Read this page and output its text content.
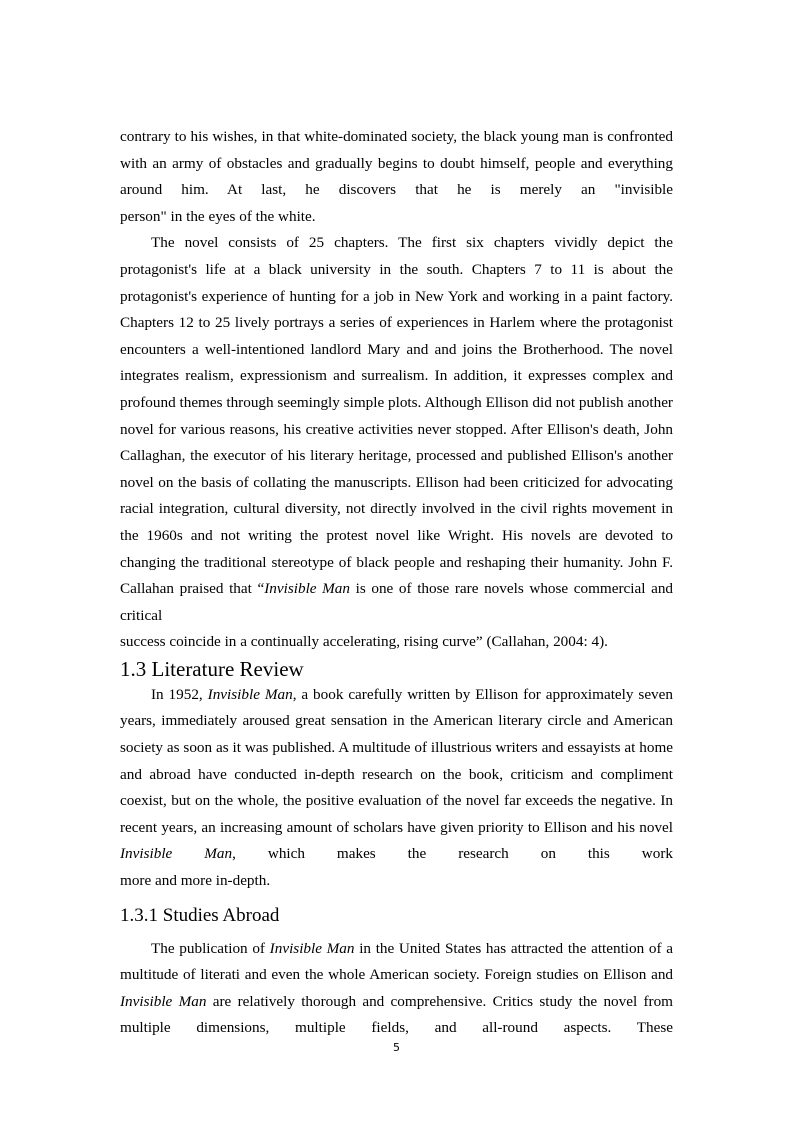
contrary to his wishes, in that white-dominated society, the black young man is confronted with an army of obstacles and gradually begins to doubt himself, people and everything around him. At last, he discovers that he is merely an "invisible

person" in the eyes of the white.

The novel consists of 25 chapters. The first six chapters vividly depict the protagonist's life at a black university in the south. Chapters 7 to 11 is about the protagonist's experience of hunting for a job in New York and working in a paint factory. Chapters 12 to 25 lively portrays a series of experiences in Harlem where the protagonist encounters a well-intentioned landlord Mary and and joins the Brotherhood. The novel integrates realism, expressionism and surrealism. In addition, it expresses complex and profound themes through seemingly simple plots. Although Ellison did not publish another novel for various reasons, his creative activities never stopped. After Ellison's death, John Callaghan, the executor of his literary heritage, processed and published Ellison's another novel on the basis of collating the manuscripts. Ellison had been criticized for advocating racial integration, cultural diversity, not directly involved in the civil rights movement in the 1960s and not writing the protest novel like Wright. His novels are devoted to changing the traditional stereotype of black people and reshaping their humanity. John F. Callahan praised that “Invisible Man is one of those rare novels whose commercial and critical

success coincide in a continually accelerating, rising curve” (Callahan, 2004: 4).

1.3 Literature Review

In 1952, Invisible Man, a book carefully written by Ellison for approximately seven years, immediately aroused great sensation in the American literary circle and American society as soon as it was published. A multitude of illustrious writers and essayists at home and abroad have conducted in-depth research on the book, criticism and compliment coexist, but on the whole, the positive evaluation of the novel far exceeds the negative. In recent years, an increasing amount of scholars have given priority to Ellison and his novel Invisible Man, which makes the research on this work

more and more in-depth.

1.3.1 Studies Abroad

The publication of Invisible Man in the United States has attracted the attention of a multitude of literati and even the whole American society. Foreign studies on Ellison and Invisible Man are relatively thorough and comprehensive. Critics study the novel from multiple dimensions, multiple fields, and all-round aspects. These

5
